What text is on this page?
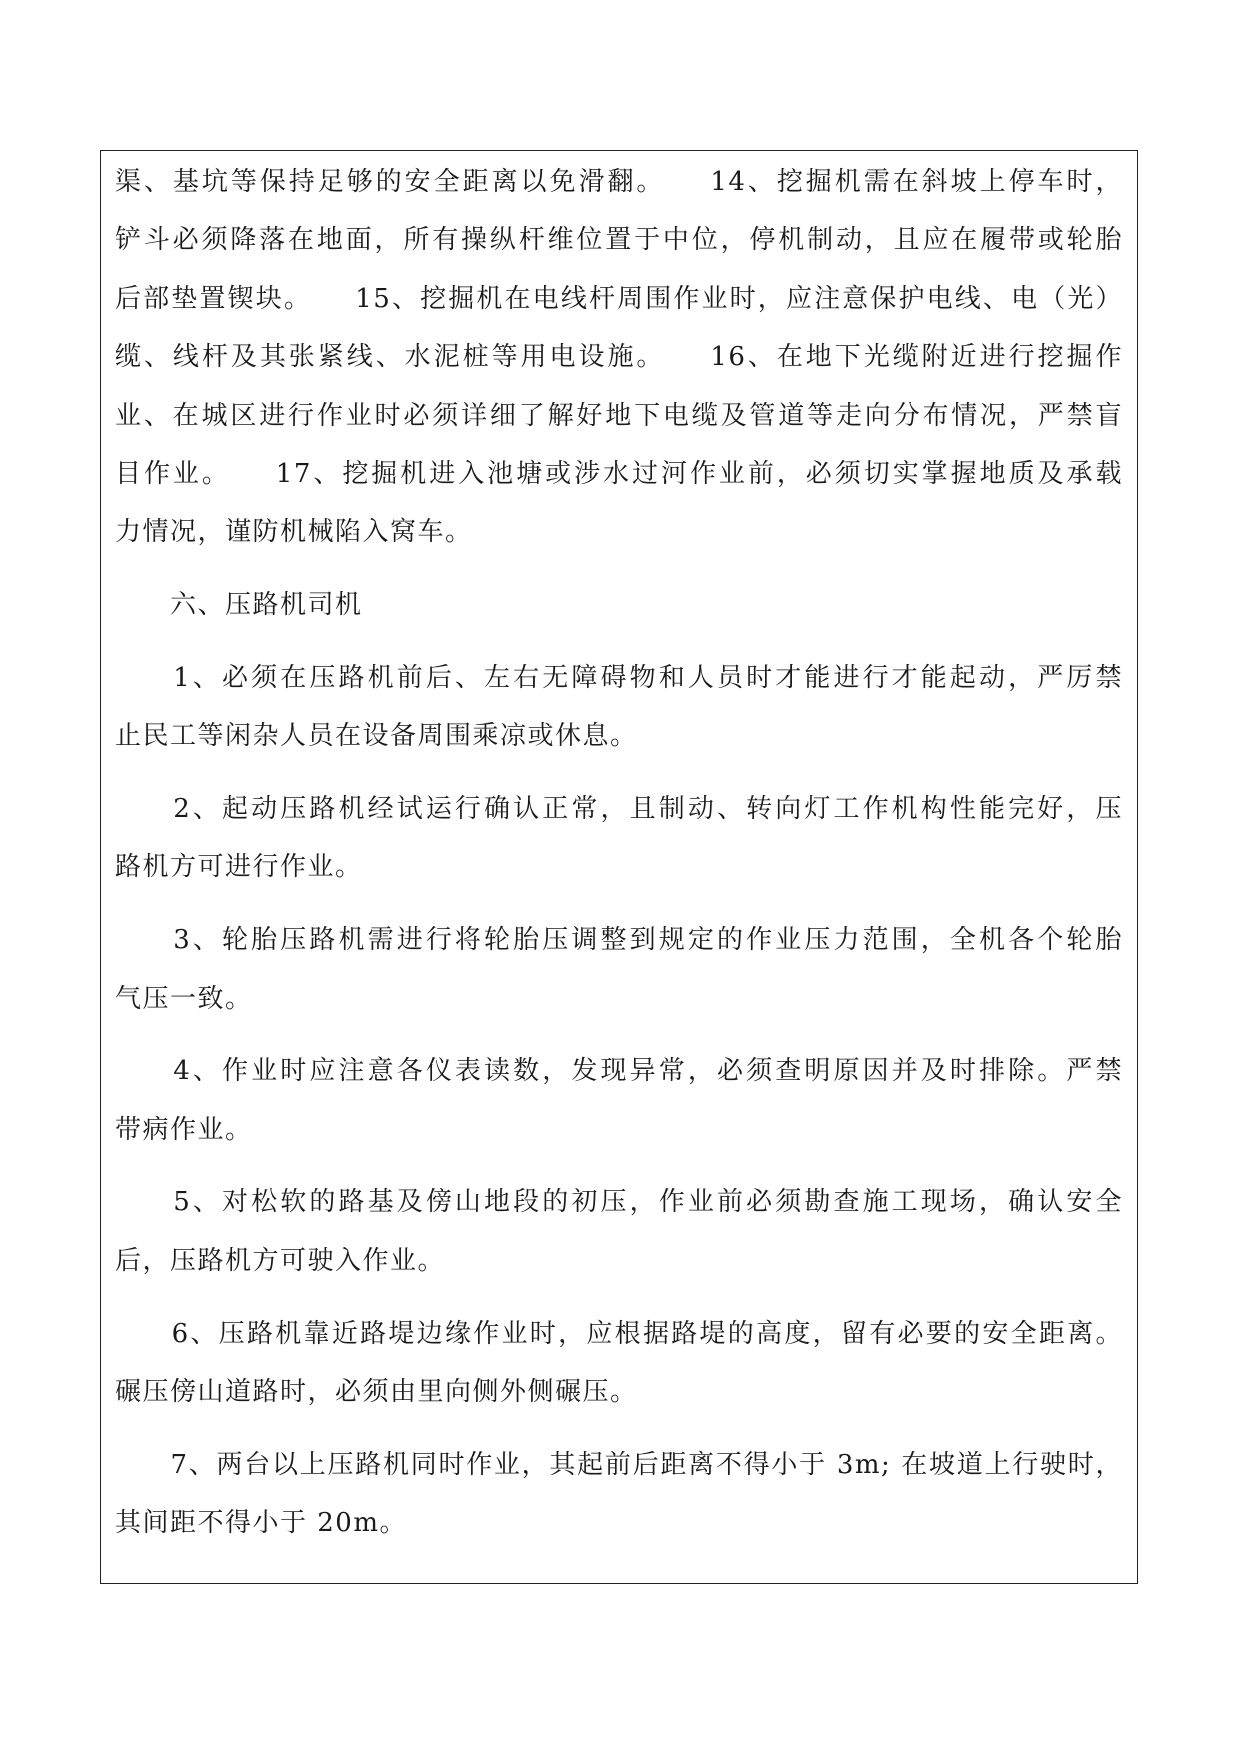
渠、基坑等保持足够的安全距离以免滑翻。　　14、挖掘机需在斜坡上停车时，
铲斗必须降落在地面，所有操纵杆维位置于中位，停机制动，且应在履带或轮胎
后部垫置锲块。　　15、挖掘机在电线杆周围作业时，应注意保护电线、电（光）
缆、线杆及其张紧线、水泥桩等用电设施。　　16、在地下光缆附近进行挖掘作
业、在城区进行作业时必须详细了解好地下电缆及管道等走向分布情况，严禁盲
目作业。　　17、挖掘机进入池塘或涉水过河作业前，必须切实掌握地质及承载
力情况，谨防机械陷入窝车。
　　六、压路机司机
　　1、必须在压路机前后、左右无障碍物和人员时才能进行才能起动，严厉禁
止民工等闲杂人员在设备周围乘凉或休息。
　　2、起动压路机经试运行确认正常，且制动、转向灯工作机构性能完好，压
路机方可进行作业。
　　3、轮胎压路机需进行将轮胎压调整到规定的作业压力范围，全机各个轮胎
气压一致。
　　4、作业时应注意各仪表读数，发现异常，必须查明原因并及时排除。严禁
带病作业。
　　5、对松软的路基及傍山地段的初压，作业前必须勘查施工现场，确认安全
后，压路机方可驶入作业。
　　6、压路机靠近路堤边缘作业时，应根据路堤的高度，留有必要的安全距离。
碾压傍山道路时，必须由里向侧外侧碾压。
　　7、两台以上压路机同时作业，其起前后距离不得小于 3m; 在坡道上行驶时，
其间距不得小于 20m。
